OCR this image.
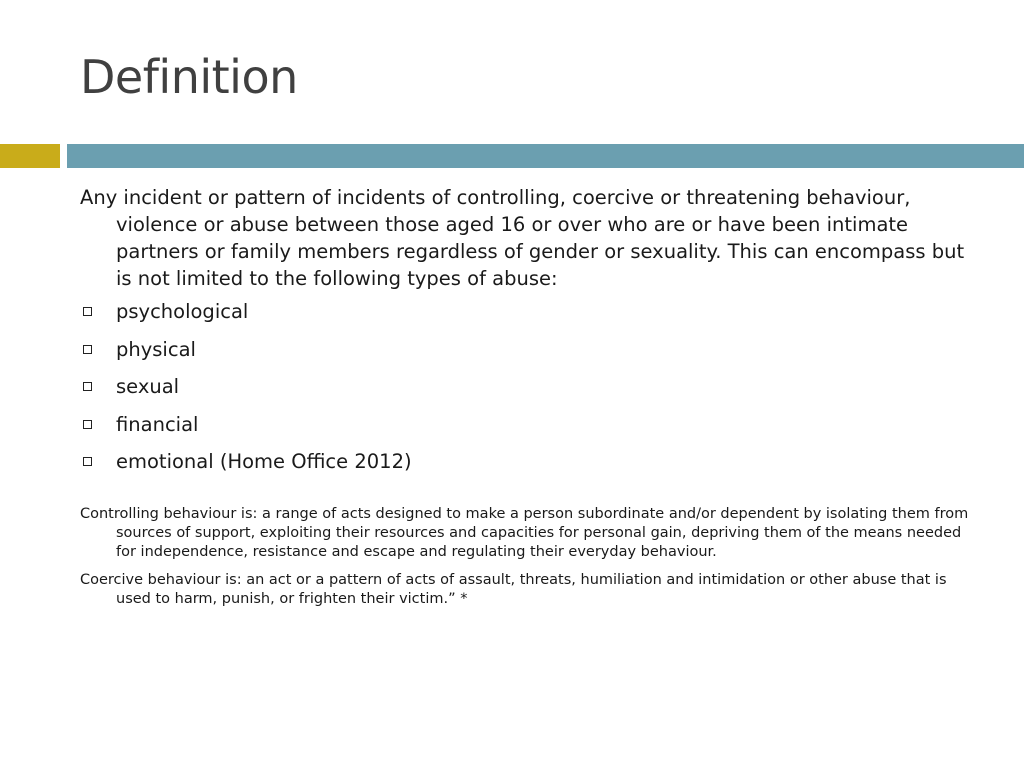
Definition

Any incident or pattern of incidents of controlling, coercive or threatening behaviour, violence or abuse between those aged 16 or over who are or have been intimate partners or family members regardless of gender or sexuality. This can encompass but is not limited to the following types of abuse:

psychological
physical
sexual
financial
emotional (Home Office 2012)

Controlling behaviour is: a range of acts designed to make a person subordinate and/or dependent by isolating them from sources of support, exploiting their resources and capacities for personal gain, depriving them of the means needed for independence, resistance and escape and regulating their everyday behaviour.

Coercive behaviour is: an act or a pattern of acts of assault, threats, humiliation and intimidation or other abuse that is used to harm, punish, or frighten their victim.” *
